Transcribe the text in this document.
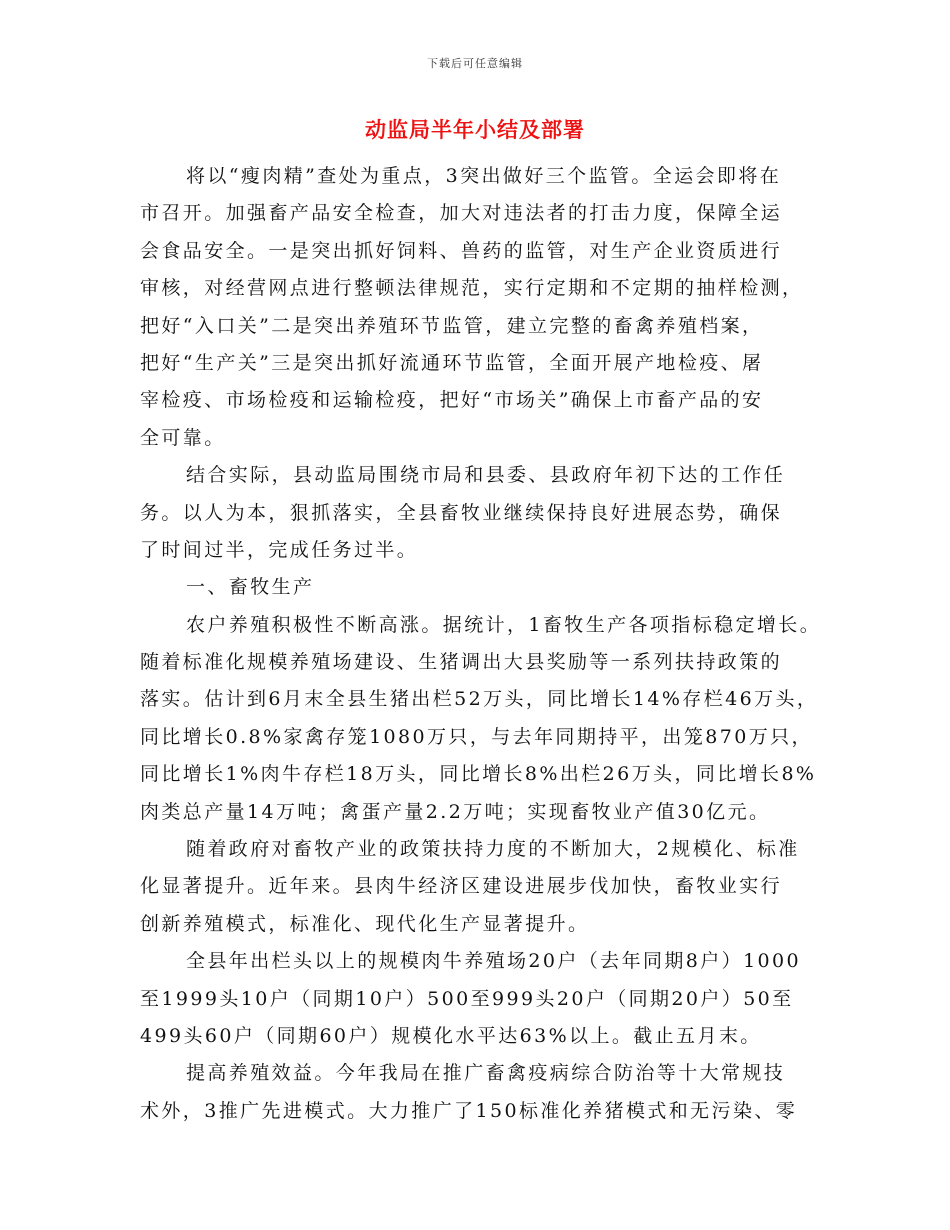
下载后可任意编辑
动监局半年小结及部署
将以“瘦肉精”查处为重点，3突出做好三个监管。全运会即将在
市召开。加强畜产品安全检查，加大对违法者的打击力度，保障全运
会食品安全。一是突出抓好饲料、兽药的监管，对生产企业资质进行
审核，对经营网点进行整顿法律规范，实行定期和不定期的抽样检测，
把好“入口关”二是突出养殖环节监管，建立完整的畜禽养殖档案，
把好“生产关”三是突出抓好流通环节监管，全面开展产地检疫、屠
宰检疫、市场检疫和运输检疫，把好“市场关”确保上市畜产品的安
全可靠。
结合实际，县动监局围绕市局和县委、县政府年初下达的工作任
务。以人为本，狠抓落实，全县畜牧业继续保持良好进展态势，确保
了时间过半，完成任务过半。
一、畜牧生产
农户养殖积极性不断高涨。据统计，1畜牧生产各项指标稳定增长。
随着标准化规模养殖场建设、生猪调出大县奖励等一系列扶持政策的
落实。估计到6月末全县生猪出栏52万头，同比增长14%存栏46万头，
同比增长0.8%家禽存笼1080万只，与去年同期持平，出笼870万只，
同比增长1%肉牛存栏18万头，同比增长8%出栏26万头，同比增长8%
肉类总产量14万吨；禽蛋产量2.2万吨；实现畜牧业产值30亿元。
随着政府对畜牧产业的政策扶持力度的不断加大，2规模化、标准
化显著提升。近年来。县肉牛经济区建设进展步伐加快，畜牧业实行
创新养殖模式，标准化、现代化生产显著提升。
全县年出栏头以上的规模肉牛养殖场20户（去年同期8户）1000
至1999头10户（同期10户）500至999头20户（同期20户）50至
499头60户（同期60户）规模化水平达63%以上。截止五月末。
提高养殖效益。今年我局在推广畜禽疫病综合防治等十大常规技
术外，3推广先进模式。大力推广了150标准化养猪模式和无污染、零
